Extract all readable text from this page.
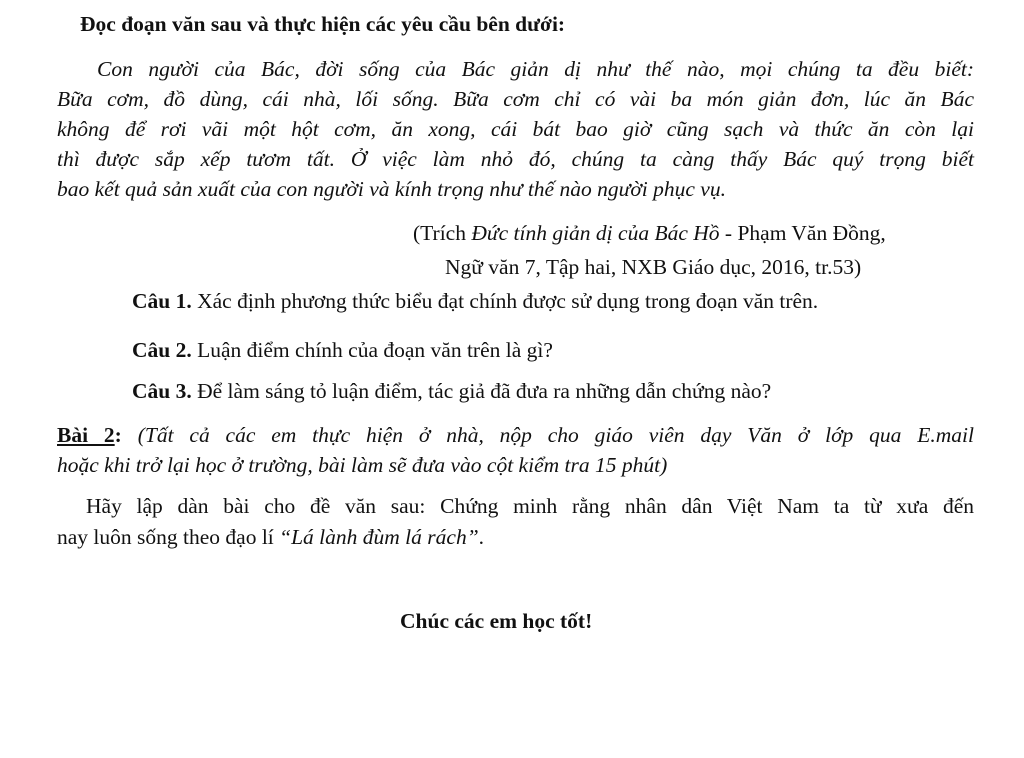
Đọc đoạn văn sau và thực hiện các yêu cầu bên dưới:
Con người của Bác, đời sống của Bác giản dị như thế nào, mọi chúng ta đều biết:
Bữa cơm, đồ dùng, cái nhà, lối sống. Bữa cơm chỉ có vài ba món giản đơn, lúc ăn Bác
không để rơi vãi một hột cơm, ăn xong, cái bát bao giờ cũng sạch và thức ăn còn lại
thì được sắp xếp tươm tất. Ở việc làm nhỏ đó, chúng ta càng thấy Bác quý trọng biết
bao kết quả sản xuất của con người và kính trọng như thế nào người phục vụ.
(Trích Đức tính giản dị của Bác Hồ - Phạm Văn Đồng,
Ngữ văn 7, Tập hai, NXB Giáo dục, 2016, tr.53)
Câu 1. Xác định phương thức biểu đạt chính được sử dụng trong đoạn văn trên.
Câu 2. Luận điểm chính của đoạn văn trên là gì?
Câu 3. Để làm sáng tỏ luận điểm, tác giả đã đưa ra những dẫn chứng nào?
Bài 2: (Tất cả các em thực hiện ở nhà, nộp cho giáo viên dạy Văn ở lớp qua E.mail
hoặc khi trở lại học ở trường, bài làm sẽ đưa vào cột kiểm tra 15 phút)
Hãy lập dàn bài cho đề văn sau: Chứng minh rằng nhân dân Việt Nam ta từ xưa đến
nay luôn sống theo đạo lí “Lá lành đùm lá rách”.
Chúc các em học tốt!
